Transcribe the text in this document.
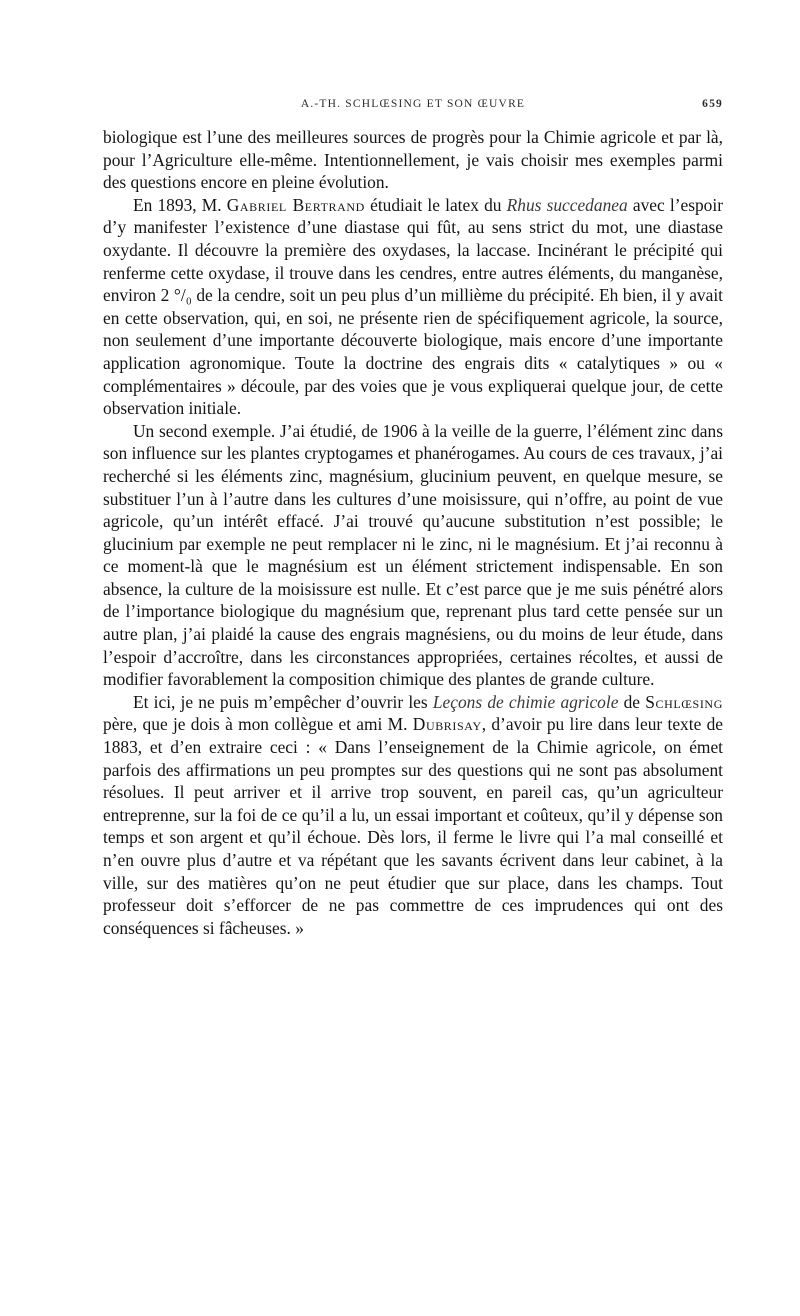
A.-TH. SCHLŒSING ET SON ŒUVRE	659

biologique est l’une des meilleures sources de progrès pour la Chimie agricole et par là, pour l’Agriculture elle-même. Intentionnellement, je vais choisir mes exemples parmi des questions encore en pleine évolution.

En 1893, M. Gabriel Bertrand étudiait le latex du Rhus succedanea avec l’espoir d’y manifester l’existence d’une diastase qui fût, au sens strict du mot, une diastase oxydante. Il découvre la première des oxydases, la laccase. Incinérant le précipité qui renferme cette oxydase, il trouve dans les cendres, entre autres éléments, du manganèse, environ 2 °/₀ de la cendre, soit un peu plus d’un millième du précipité. Eh bien, il y avait en cette observation, qui, en soi, ne présente rien de spécifiquement agricole, la source, non seulement d’une importante découverte biologique, mais encore d’une importante application agronomique. Toute la doctrine des engrais dits « catalytiques » ou « complémentaires » découle, par des voies que je vous expliquerai quelque jour, de cette observation initiale.

Un second exemple. J’ai étudié, de 1906 à la veille de la guerre, l’élément zinc dans son influence sur les plantes cryptogames et phanérogames. Au cours de ces travaux, j’ai recherché si les éléments zinc, magnésium, glucinium peuvent, en quelque mesure, se substituer l’un à l’autre dans les cultures d’une moisissure, qui n’offre, au point de vue agricole, qu’un intérêt effacé. J’ai trouvé qu’aucune substitution n’est possible; le glucinium par exemple ne peut remplacer ni le zinc, ni le magnésium. Et j’ai reconnu à ce moment-là que le magnésium est un élément strictement indispensable. En son absence, la culture de la moisissure est nulle. Et c’est parce que je me suis pénétré alors de l’importance biologique du magnésium que, reprenant plus tard cette pensée sur un autre plan, j’ai plaidé la cause des engrais magnésiens, ou du moins de leur étude, dans l’espoir d’accroître, dans les circonstances appropriées, certaines récoltes, et aussi de modifier favorablement la composition chimique des plantes de grande culture.

Et ici, je ne puis m’empêcher d’ouvrir les Leçons de chimie agricole de Schlœsing père, que je dois à mon collègue et ami M. Dubrisay, d’avoir pu lire dans leur texte de 1883, et d’en extraire ceci : « Dans l’enseignement de la Chimie agricole, on émet parfois des affirmations un peu promptes sur des questions qui ne sont pas absolument résolues. Il peut arriver et il arrive trop souvent, en pareil cas, qu’un agriculteur entreprenne, sur la foi de ce qu’il a lu, un essai important et coûteux, qu’il y dépense son temps et son argent et qu’il échoue. Dès lors, il ferme le livre qui l’a mal conseillé et n’en ouvre plus d’autre et va répétant que les savants écrivent dans leur cabinet, à la ville, sur des matières qu’on ne peut étudier que sur place, dans les champs. Tout professeur doit s’efforcer de ne pas commettre de ces imprudences qui ont des conséquences si fâcheuses. »
